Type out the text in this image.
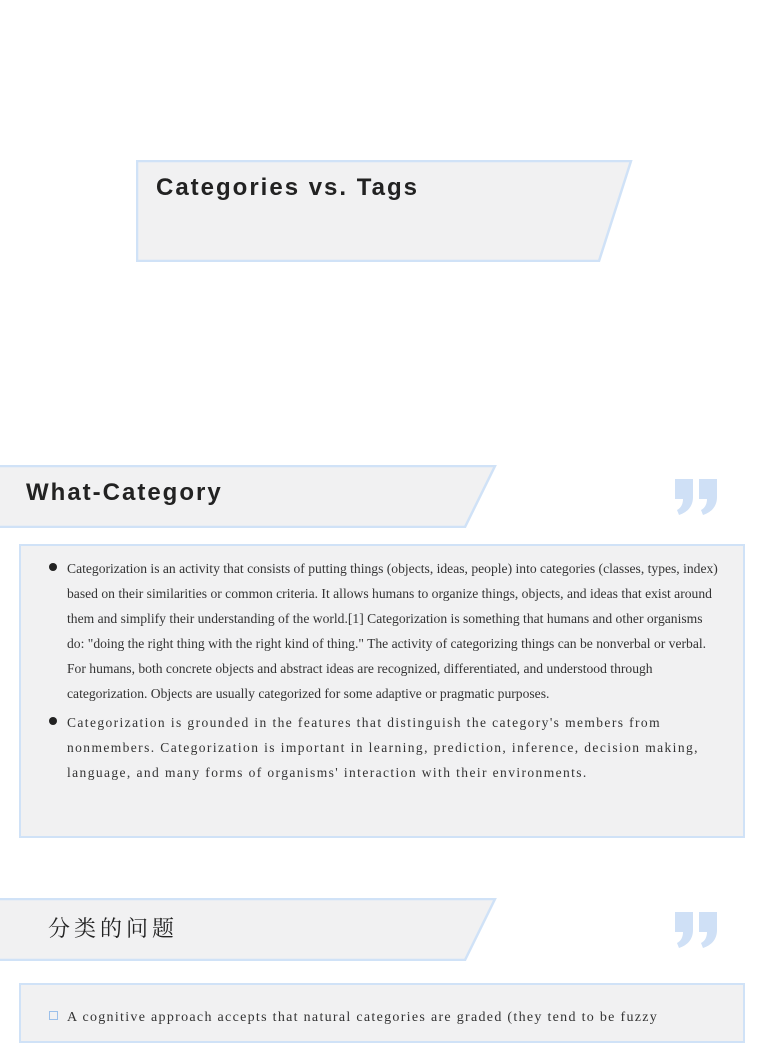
Categories vs. Tags
What-Category
Categorization is an activity that consists of putting things (objects, ideas, people) into categories (classes, types, index) based on their similarities or common criteria. It allows humans to organize things, objects, and ideas that exist around them and simplify their understanding of the world.[1] Categorization is something that humans and other organisms do: "doing the right thing with the right kind of thing." The activity of categorizing things can be nonverbal or verbal. For humans, both concrete objects and abstract ideas are recognized, differentiated, and understood through categorization. Objects are usually categorized for some adaptive or pragmatic purposes.
Categorization is grounded in the features that distinguish the category's members from nonmembers. Categorization is important in learning, prediction, inference, decision making, language, and many forms of organisms' interaction with their environments.
分类的问题
A cognitive approach accepts that natural categories are graded (they tend to be fuzzy
